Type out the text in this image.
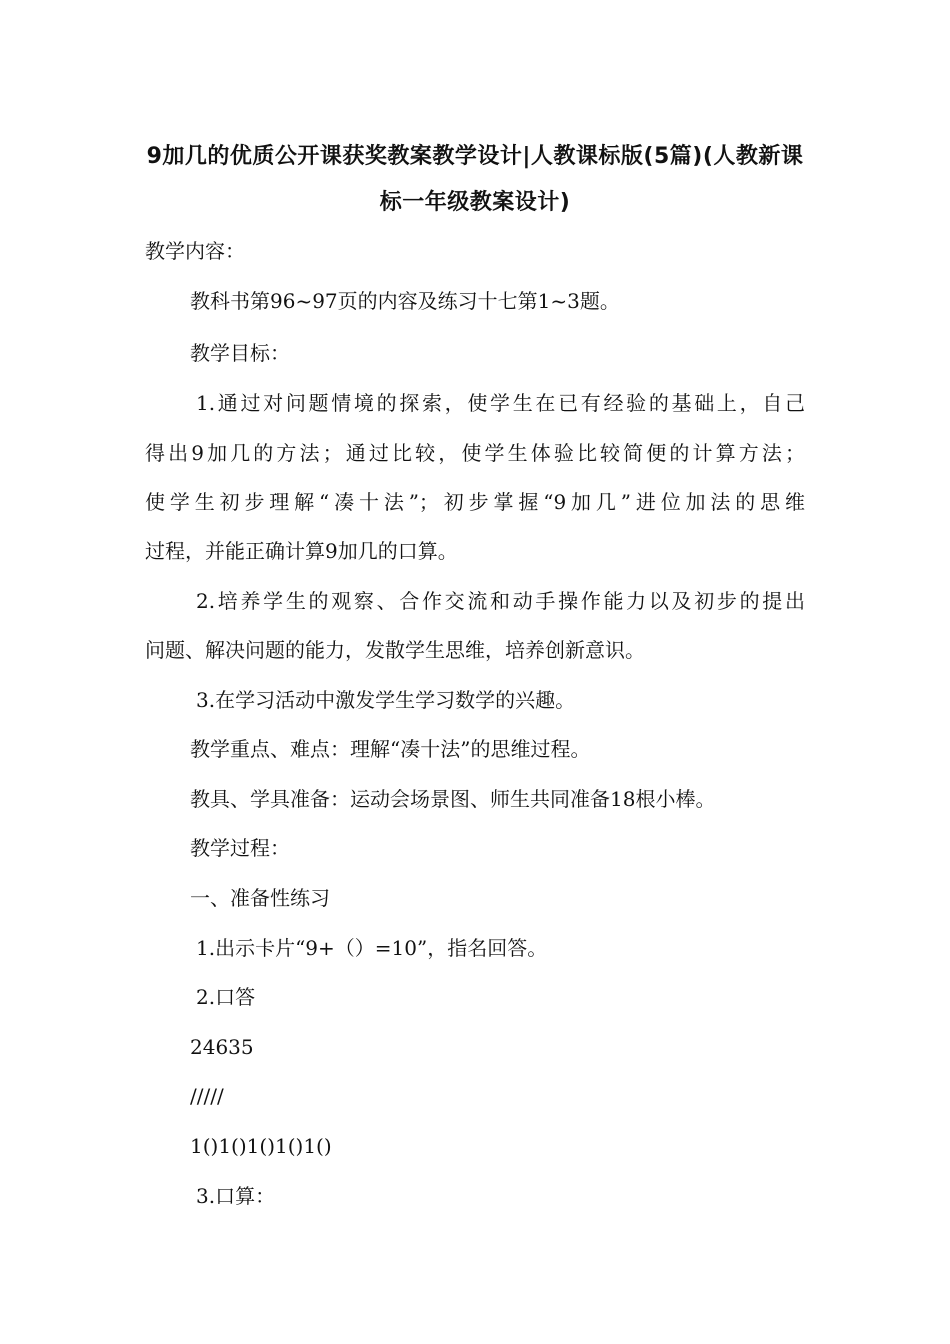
9加几的优质公开课获奖教案教学设计|人教课标版(5篇)(人教新课
标一年级教案设计)
教学内容：
教科书第96~97页的内容及练习十七第1~3题。
教学目标：
1.通过对问题情境的探索，使学生在已有经验的基础上，自己
得出9加几的方法；通过比较，使学生体验比较简便的计算方法；
使学生初步理解“凑十法”；初步掌握“9加几”进位加法的思维
过程，并能正确计算9加几的口算。
2.培养学生的观察、合作交流和动手操作能力以及初步的提出
问题、解决问题的能力，发散学生思维，培养创新意识。
3.在学习活动中激发学生学习数学的兴趣。
教学重点、难点：理解“凑十法”的思维过程。
教具、学具准备：运动会场景图、师生共同准备18根小棒。
教学过程：
一、准备性练习
1.出示卡片“9+（）=10”，指名回答。
2.口答
24635
/////
1()1()1()1()1()
3.口算：
